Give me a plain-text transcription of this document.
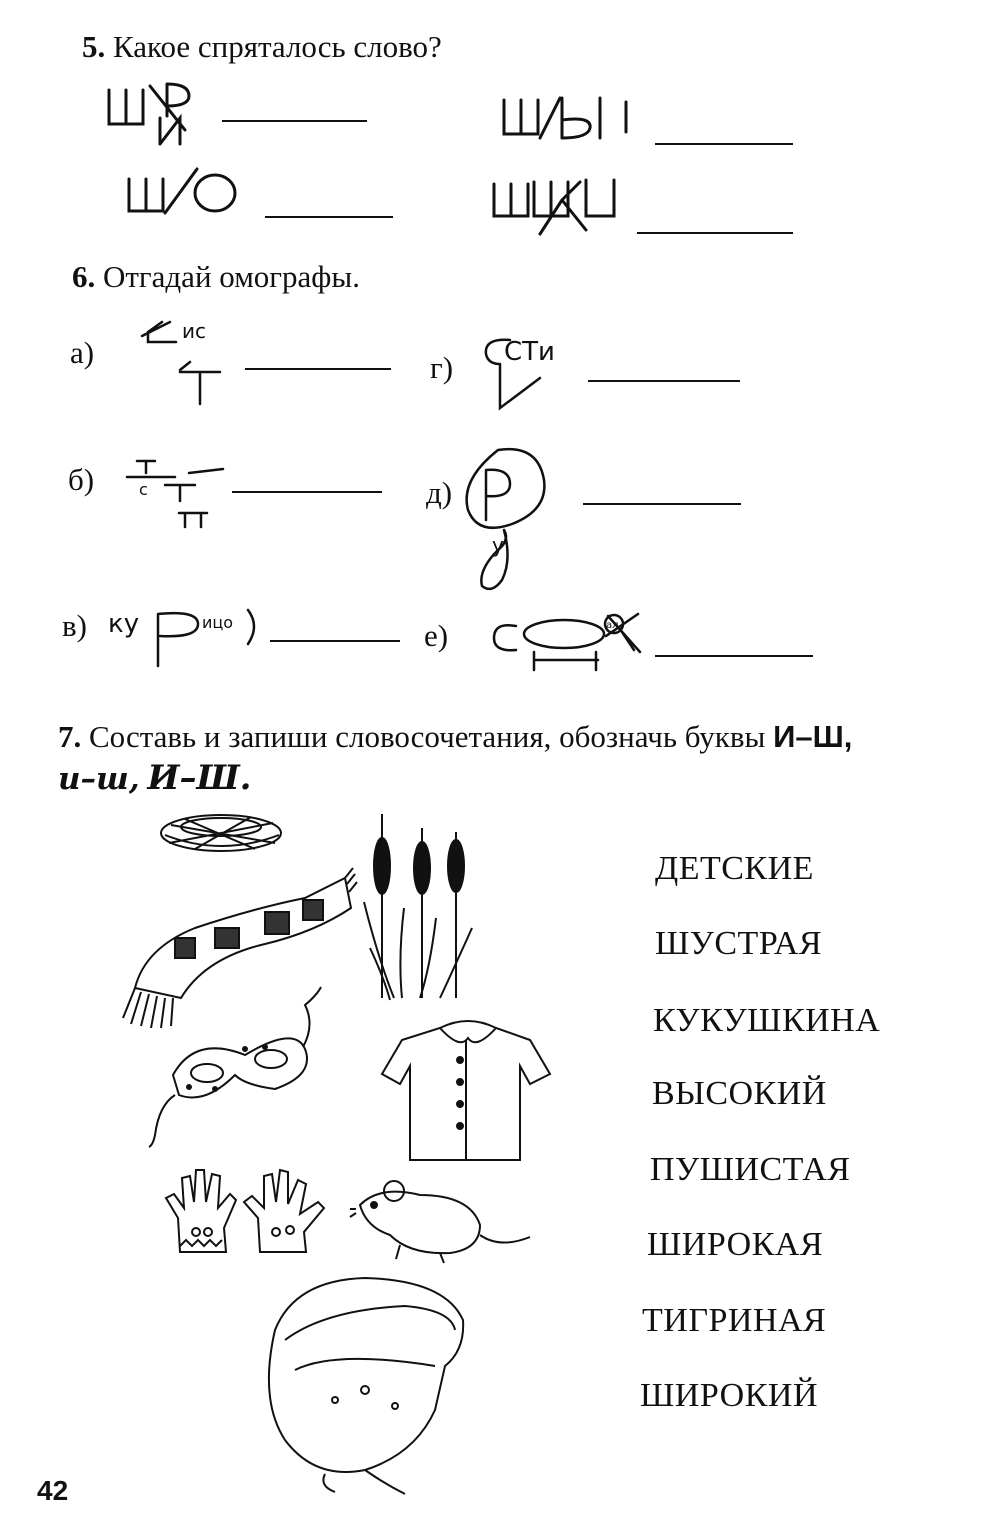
5. Какое спряталось слово?
6. Отгадай омографы.
а)
ис
г) СТи
б)	с	д)
у
в) ку	ицо	е)	ал
7. Составь и запиши словосочетания, обозначь буквы И–Ш,
и–ш, И–Ш.
ДЕТСКИЕ
ШУСТРАЯ
КУКУШКИНА
ВЫСОКИЙ
ПУШИСТАЯ
ШИРОКАЯ
ТИГРИНАЯ
ШИРОКИЙ
42
